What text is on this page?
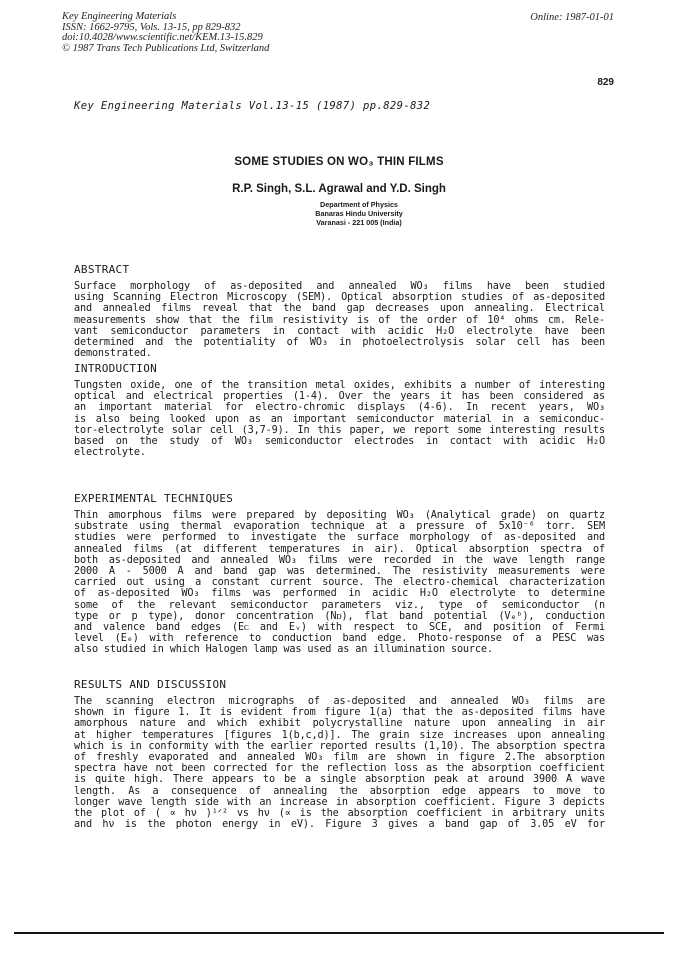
Key Engineering Materials
ISSN: 1662-9795, Vols. 13-15, pp 829-832
doi:10.4028/www.scientific.net/KEM.13-15.829
© 1987 Trans Tech Publications Ltd, Switzerland
Online: 1987-01-01
829
Key Engineering Materials Vol.13-15 (1987) pp.829-832
SOME STUDIES ON WO₃ THIN FILMS
R.P. Singh, S.L. Agrawal and Y.D. Singh
Department of Physics
Banaras Hindu University
Varanasi - 221 005 (India)
ABSTRACT
Surface morphology of as-deposited and annealed WO₃ films have been studied
using Scanning Electron Microscopy (SEM). Optical absorption studies of as-deposited
and annealed films reveal that the band gap decreases upon annealing. Electrical
measurements show that the film resistivity is of the order of 10⁴ ohms cm. Rele-
vant semiconductor parameters in contact with acidic H₂O electrolyte have been
determined and the potentiality of WO₃ in photoelectrolysis solar cell has been
demonstrated.
INTRODUCTION
Tungsten oxide, one of the transition metal oxides, exhibits a number of interesting
optical and electrical properties (1-4). Over the years it has been considered as
an important material for electro-chromic displays (4-6). In recent years, WO₃
is also being looked upon as an important semiconductor material in a semiconduc-
tor-electrolyte solar cell (3,7-9). In this paper, we report some interesting results
based on the study of WO₃ semiconductor electrodes in contact with acidic H₂O
electrolyte.
EXPERIMENTAL TECHNIQUES
Thin amorphous films were prepared by depositing WO₃ (Analytical grade) on quartz
substrate using thermal evaporation technique at a pressure of 5x10⁻⁶ torr. SEM
studies were performed to investigate the surface morphology of as-deposited and
annealed films (at different temperatures in air). Optical absorption spectra of
both as-deposited and annealed WO₃ films were recorded in the wave length range
2000 Å - 5000 Å and band gap was determined. The resistivity measurements were
carried out using a constant current source. The electro-chemical characterization
of as-deposited WO₃ films was performed in acidic H₂O electrolyte to determine
some of the relevant semiconductor parameters viz., type of semiconductor (n
type or p type), donor concentration (Nᴅ), flat band potential (Vₑᵇ), conduction
and valence band edges (Eᴄ and Eᵥ) with respect to SCE, and position of Fermi
level (Eₑ) with reference to conduction band edge. Photo-response of a PESC was
also studied in which Halogen lamp was used as an illumination source.
RESULTS AND DISCUSSION
The scanning electron micrographs of as-deposited and annealed WO₃ films are
shown in figure 1. It is evident from figure 1(a) that the as-deposited films have
amorphous nature and which exhibit polycrystalline nature upon annealing in air
at higher temperatures [figures 1(b,c,d)]. The grain size increases upon annealing
which is in conformity with the earlier reported results (1,10). The absorption spectra
of freshly evaporated and annealed WO₃ film are shown in figure 2.The absorption
spectra have not been corrected for the reflection loss as the absorption coefficient
is quite high. There appears to be a single absorption peak at around 3900 Å wave
length. As a consequence of annealing the absorption edge appears to move to
longer wave length side with an increase in absorption coefficient. Figure 3 depicts
the plot of ( ∝ hν )¹ᐟ² vs hν (∝ is the absorption coefficient in arbitrary units
and hν is the photon energy in eV). Figure 3 gives a band gap of 3.05 eV for
